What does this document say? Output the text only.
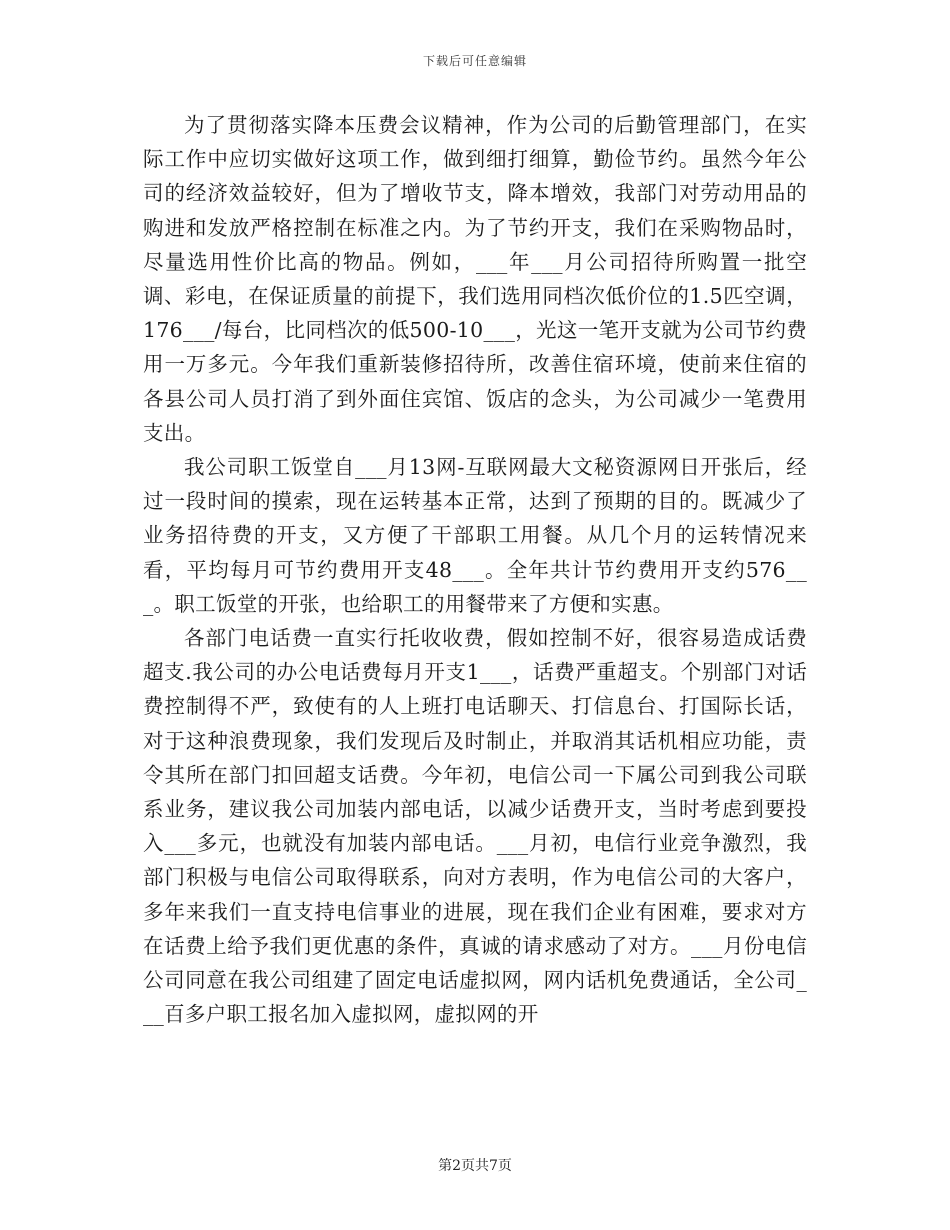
下载后可任意编辑

为了贯彻落实降本压费会议精神，作为公司的后勤管理部门，在实际工作中应切实做好这项工作，做到细打细算，勤俭节约。虽然今年公司的经济效益较好，但为了增收节支，降本增效，我部门对劳动用品的购进和发放严格控制在标准之内。为了节约开支，我们在采购物品时，尽量选用性价比高的物品。例如，___年___月公司招待所购置一批空调、彩电，在保证质量的前提下，我们选用同档次低价位的1.5匹空调，176___/每台，比同档次的低500-10___，光这一笔开支就为公司节约费用一万多元。今年我们重新装修招待所，改善住宿环境，使前来住宿的各县公司人员打消了到外面住宾馆、饭店的念头，为公司减少一笔费用支出。

我公司职工饭堂自___月13网-互联网最大文秘资源网日开张后，经过一段时间的摸索，现在运转基本正常，达到了预期的目的。既减少了业务招待费的开支，又方便了干部职工用餐。从几个月的运转情况来看，平均每月可节约费用开支48___。全年共计节约费用开支约576___。职工饭堂的开张，也给职工的用餐带来了方便和实惠。

各部门电话费一直实行托收收费，假如控制不好，很容易造成话费超支.我公司的办公电话费每月开支1___，话费严重超支。个别部门对话费控制得不严，致使有的人上班打电话聊天、打信息台、打国际长话，对于这种浪费现象，我们发现后及时制止，并取消其话机相应功能，责令其所在部门扣回超支话费。今年初，电信公司一下属公司到我公司联系业务，建议我公司加装内部电话，以减少话费开支，当时考虑到要投入___多元，也就没有加装内部电话。___月初，电信行业竞争激烈，我部门积极与电信公司取得联系，向对方表明，作为电信公司的大客户，多年来我们一直支持电信事业的进展，现在我们企业有困难，要求对方在话费上给予我们更优惠的条件，真诚的请求感动了对方。___月份电信公司同意在我公司组建了固定电话虚拟网，网内话机免费通话，全公司___百多户职工报名加入虚拟网，虚拟网的开

第2页共7页
